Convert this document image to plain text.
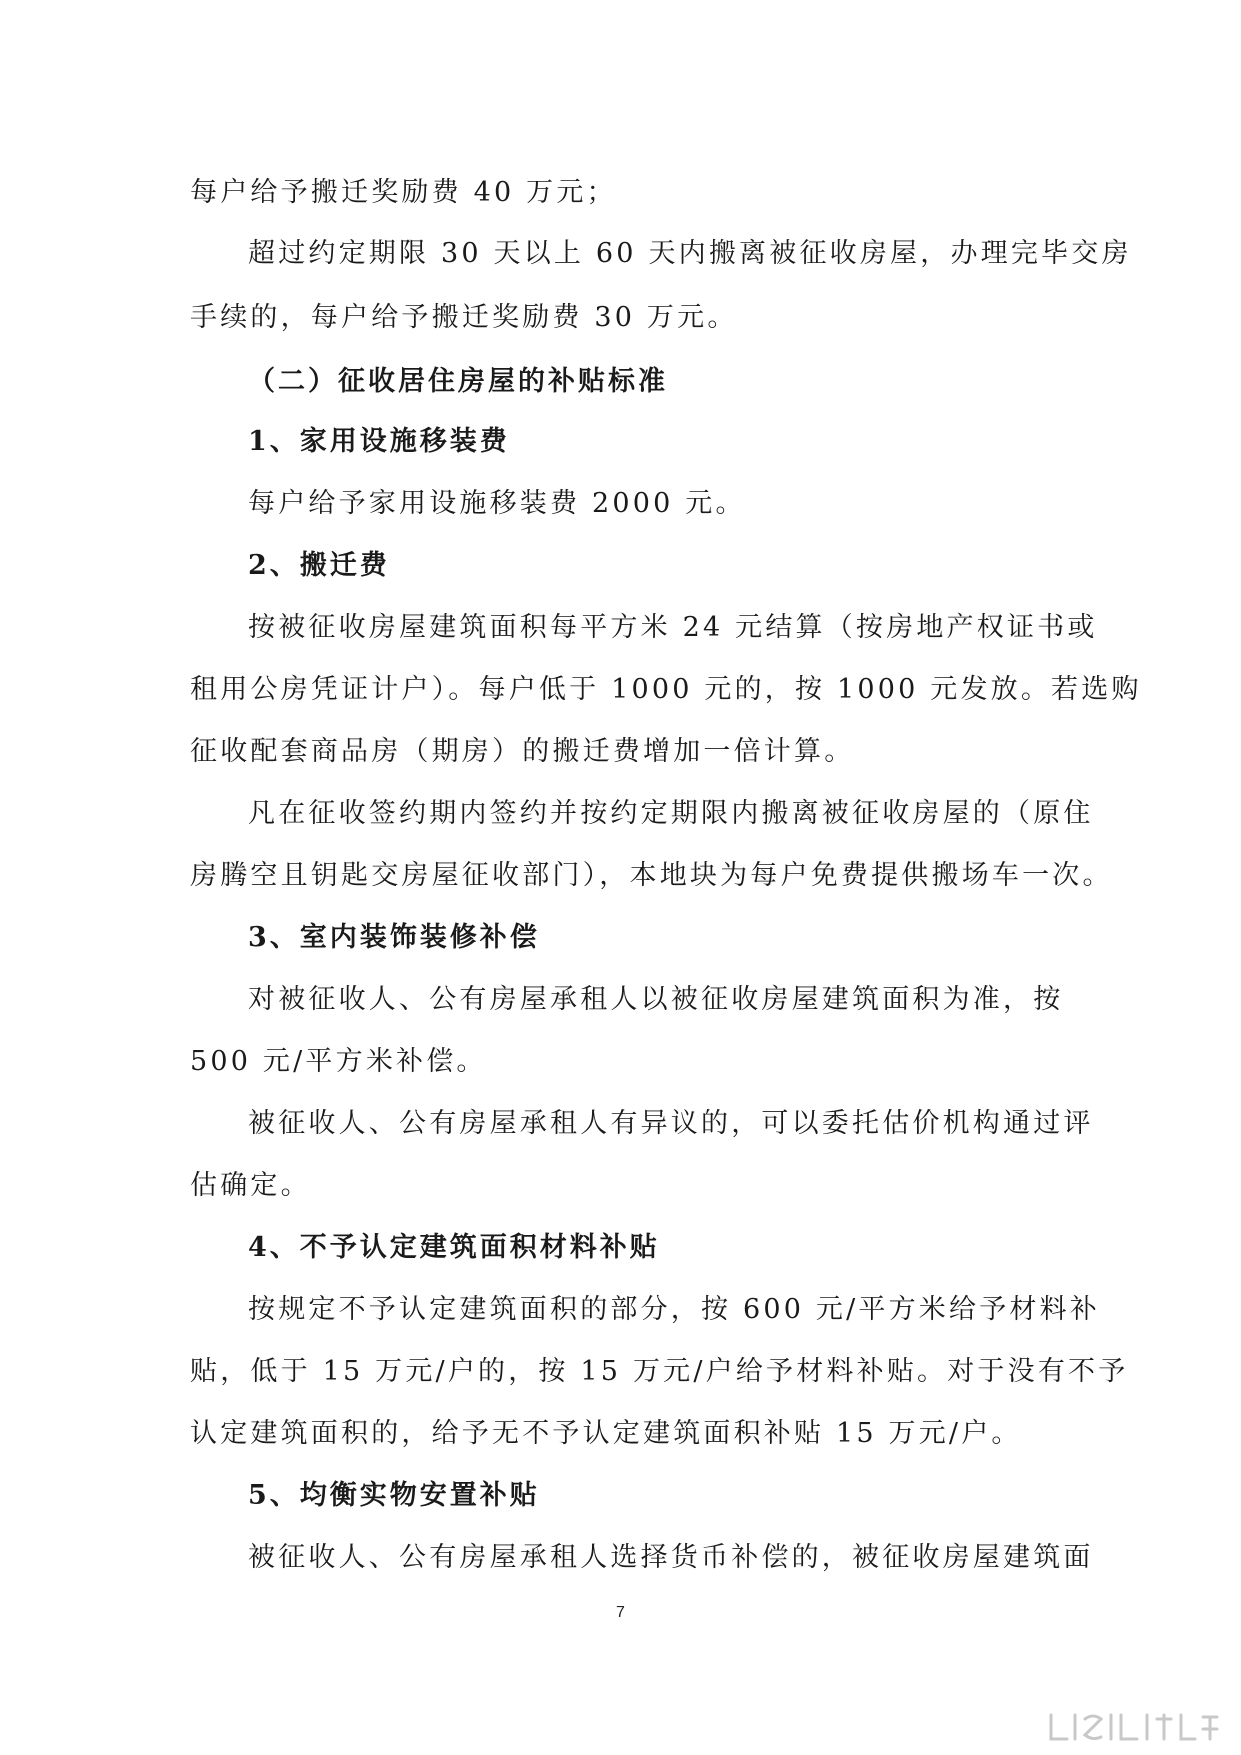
每户给予搬迁奖励费 40 万元；
超过约定期限 30 天以上 60 天内搬离被征收房屋，办理完毕交房
手续的，每户给予搬迁奖励费 30 万元。
（二）征收居住房屋的补贴标准
1、家用设施移装费
每户给予家用设施移装费 2000 元。
2、搬迁费
按被征收房屋建筑面积每平方米 24 元结算（按房地产权证书或
租用公房凭证计户）。每户低于 1000 元的，按 1000 元发放。若选购
征收配套商品房（期房）的搬迁费增加一倍计算。
凡在征收签约期内签约并按约定期限内搬离被征收房屋的（原住
房腾空且钥匙交房屋征收部门），本地块为每户免费提供搬场车一次。
3、室内装饰装修补偿
对被征收人、公有房屋承租人以被征收房屋建筑面积为准，按
500 元/平方米补偿。
被征收人、公有房屋承租人有异议的，可以委托估价机构通过评
估确定。
4、不予认定建筑面积材料补贴
按规定不予认定建筑面积的部分，按 600 元/平方米给予材料补
贴，低于 15 万元/户的，按 15 万元/户给予材料补贴。对于没有不予
认定建筑面积的，给予无不予认定建筑面积补贴 15 万元/户。
5、均衡实物安置补贴
被征收人、公有房屋承租人选择货币补偿的，被征收房屋建筑面
7
